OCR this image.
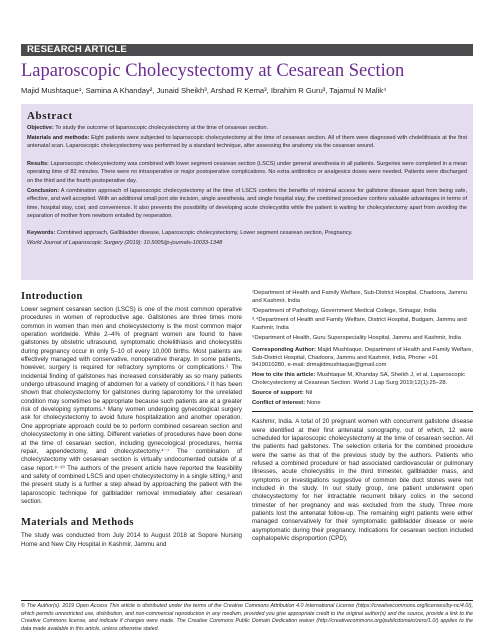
RESEARCH ARTICLE
Laparoscopic Cholecystectomy at Cesarean Section
Majid Mushtaque¹, Samina A Khanday², Junaid Sheikh³, Arshad R Kema³, Ibrahim R Guru³, Tajamul N Malik⁴
Abstract
Objective: To study the outcome of laparoscopic cholecystectomy at the time of cesarean section.
Materials and methods: Eight patients were subjected to laparoscopic cholecystectomy at the time of cesarean section. All of them were diagnosed with cholelithiasis at the first antenatal scan. Laparoscopic cholecystectomy was performed by a standard technique, after assessing the anatomy via the cesarean wound.
Results: Laparoscopic cholecystectomy was combined with lower segment cesarean section (LSCS) under general anesthesia in all patients. Surgeries were completed in a mean operating time of 82 minutes. There were no intraoperative or major postoperative complications. No extra antibiotics or analgesics doses were needed. Patients were discharged on the third and the fourth postoperative day.
Conclusion: A combination approach of laparoscopic cholecystectomy at the time of LSCS confers the benefits of minimal access for gallstone disease apart from being safe, effective, and well accepted. With an additional small port site incision, single anesthesia, and single hospital stay, the combined procedure confers valuable advantages in terms of time, hospital stay, cost, and convenience. It also prevents the possibility of developing acute cholecystitis while the patient is waiting for cholecystectomy apart from avoiding the separation of mother from newborn entailed by reoperation.
Keywords: Combined approach, Gallbladder disease, Laparoscopic cholecystectomy, Lower segment cesarean section, Pregnancy.
World Journal of Laparoscopic Surgery (2019): 10.5005/jp-journals-10033-1348
Introduction

Lower segment cesarean section (LSCS) is one of the most common operative procedures in women of reproductive age. Gallstones are three times more common in women than men and cholecystectomy is the most common major operation worldwide. While 2–4% of pregnant women are found to have gallstones by obstetric ultrasound, symptomatic cholelithiasis and cholecystitis during pregnancy occur in only 5–10 of every 10,000 births. Most patients are effectively managed with conservative, nonoperative therapy. In some patients, however, surgery is required for refractory symptoms or complications.¹ The incidental finding of gallstones has increased considerably as so many patients undergo ultrasound imaging of abdomen for a variety of conditions.² It has been shown that cholecystectomy for gallstones during laparotomy for the unrelated condition may sometimes be appropriate because such patients are at a greater risk of developing symptoms.³ Many women undergoing gynecological surgery ask for cholecystectomy to avoid future hospitalization and another operation. One appropriate approach could be to perform combined cesarean section and cholecystectomy in one sitting. Different varieties of procedures have been done at the time of cesarean section, including gynecological procedures, hernia repair, appendectomy, and cholecystectomy.⁴⁻⁷ The combination of cholecystectomy with cesarean section is virtually undocumented outside of a case report.⁸⁻¹⁰ The authors of the present article have reported the feasibility and safety of combined LSCS and open cholecystectomy in a single sitting,⁸ and the present study is a further a step ahead by approaching the patient with the laparoscopic technique for gallbladder removal immediately after cesarean section.

Materials and Methods

The study was conducted from July 2014 to August 2018 at Sopore Nursing Home and New City Hospital in Kashmir, Jammu and

¹Department of Health and Family Welfare, Sub-District Hospital, Chadoora, Jammu and Kashmir, India

²Department of Pathology, Government Medical College, Srinagar, India

³˒⁴Department of Health and Family Welfare, District Hospital, Budgam, Jammu and Kashmir, India

⁵Department of Health, Guru Superspeciality Hospital, Jammu and Kashmir, India

Corresponding Author: Majid Mushtaque, Department of Health and Family Welfare, Sub-District Hospital, Chadoora, Jammu and Kashmir, India, Phone: +91 9419010280, e-mail: drmajidmushtaque@gmail.com

How to cite this article: Mushtaque M, Khanday SA, Sheikh J, et al. Laparoscopic Cholecystectomy at Cesarean Section. World J Lap Surg 2019;12(1):25–28.

Source of support: Nil

Conflict of interest: None

Kashmir, India. A total of 20 pregnant women with concurrent gallstone disease were identified at their first antenatal sonography, out of which, 12 were scheduled for laparoscopic cholecystectomy at the time of cesarean section. All the patients had gallstones. The selection criteria for the combined procedure were the same as that of the previous study by the authors. Patients who refused a combined procedure or had associated cardiovascular or pulmonary illnesses, acute cholecystitis in the third trimester, gallbladder mass, and symptoms or investigations suggestive of common bile duct stones were not included in the study. In our study group, one patient underwent open cholecystectomy for her intractable recurrent biliary colics in the second trimester of her pregnancy and was excluded from the study. Three more patients lost the antenatal follow-up. The remaining eight patients were either managed conservatively for their symptomatic gallbladder disease or were asymptomatic during their pregnancy. Indications for cesarean section included cephalopelvic disproportion (CPD),

© The Author(s). 2019 Open Access This article is distributed under the terms of the Creative Commons Attribution 4.0 International License (https://creativecommons.org/licenses/by-nc/4.0/), which permits unrestricted use, distribution, and non-commercial reproduction in any medium, provided you give appropriate credit to the original author(s) and the source, provide a link to the Creative Commons license, and indicate if changes were made. The Creative Commons Public Domain Dedication waiver (http://creativecommons.org/publicdomain/zero/1.0/) applies to the data made available in this article, unless otherwise stated.
